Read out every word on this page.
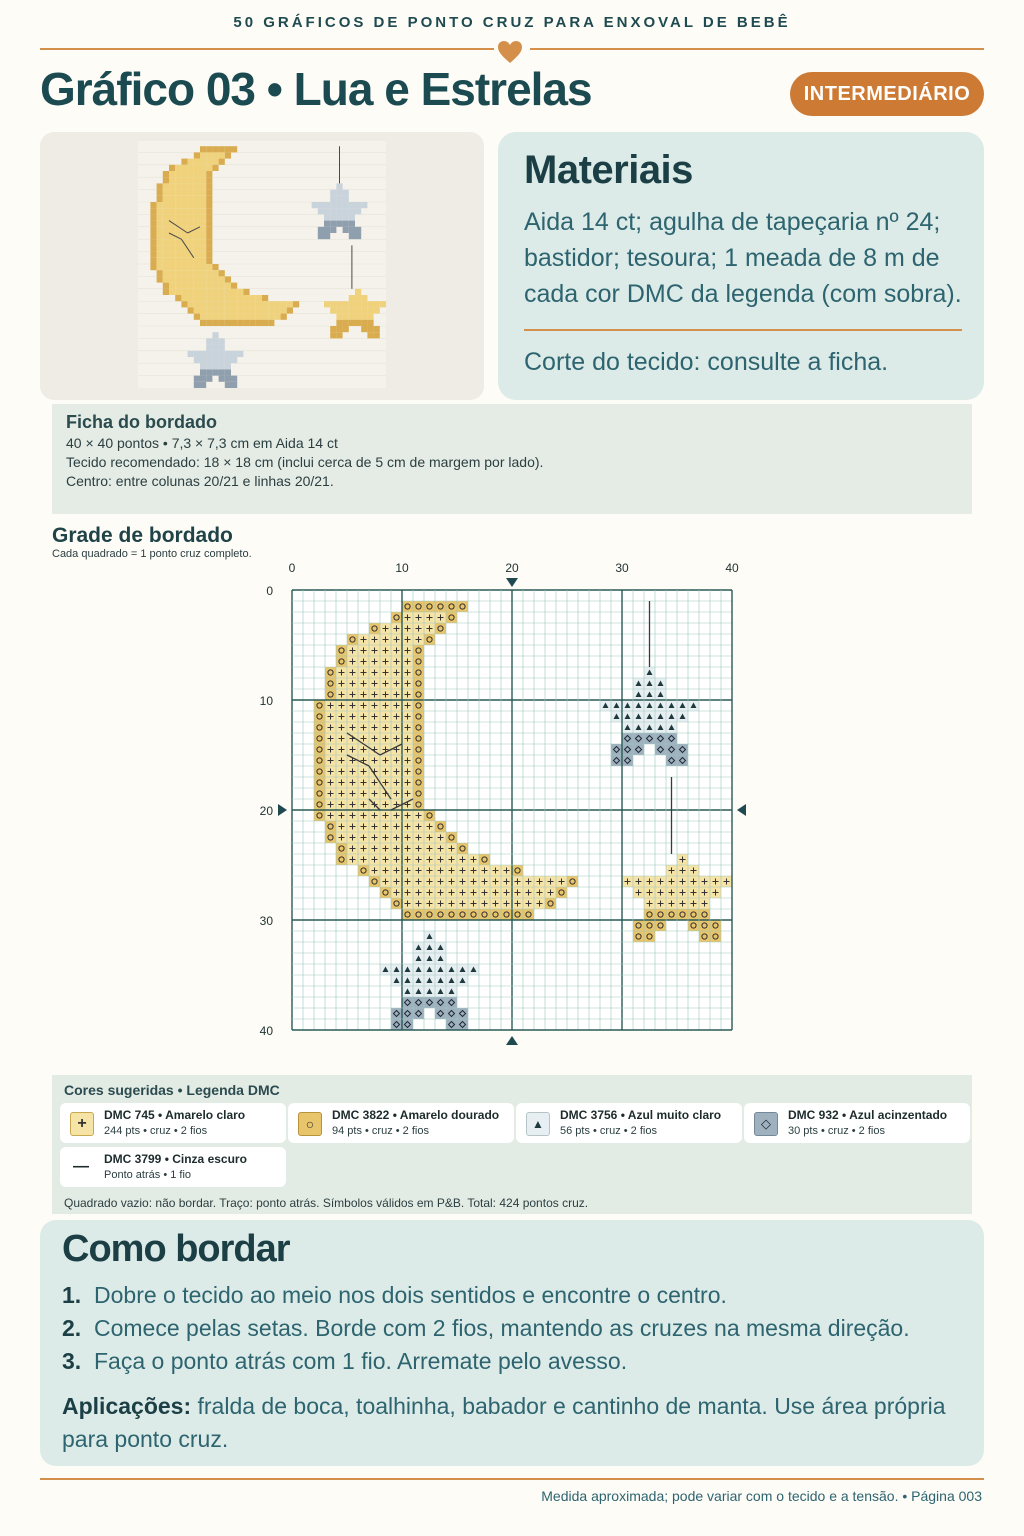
50 GRÁFICOS DE PONTO CRUZ PARA ENXOVAL DE BEBÊ
Gráfico 03 • Lua e Estrelas	INTERMEDIÁRIO
Materiais
Aida 14 ct; agulha de tapeçaria nº 24; bastidor; tesoura; 1 meada de 8 m de cada cor DMC da legenda (com sobra).
Corte do tecido: consulte a ficha.
Ficha do bordado
40 × 40 pontos • 7,3 × 7,3 cm em Aida 14 ct
Tecido recomendado: 18 × 18 cm (inclui cerca de 5 cm de margem por lado).
Centro: entre colunas 20/21 e linhas 20/21.
Grade de bordado
Cada quadrado = 1 ponto cruz completo.
0	10	20	30	40
0
10
20
30
40
Cores sugeridas • Legenda DMC
+	DMC 745 • Amarelo claro
244 pts • cruz • 2 fios	○
DMC 3822 • Amarelo dourado
94 pts • cruz • 2 fios	▲
DMC 3756 • Azul muito claro
56 pts • cruz • 2 fios	◇
DMC 932 • Azul acinzentado
30 pts • cruz • 2 fios
— DMC 3799 • Cinza escuro
Ponto atrás • 1 fio
Quadrado vazio: não bordar. Traço: ponto atrás. Símbolos válidos em P&B. Total: 424 pontos cruz.
Como bordar
1. Dobre o tecido ao meio nos dois sentidos e encontre o centro.
2. Comece pelas setas. Borde com 2 fios, mantendo as cruzes na mesma direção.
3. Faça o ponto atrás com 1 fio. Arremate pelo avesso.
Aplicações: fralda de boca, toalhinha, babador e cantinho de manta. Use área própria para ponto cruz.
Medida aproximada; pode variar com o tecido e a tensão. • Página 003
